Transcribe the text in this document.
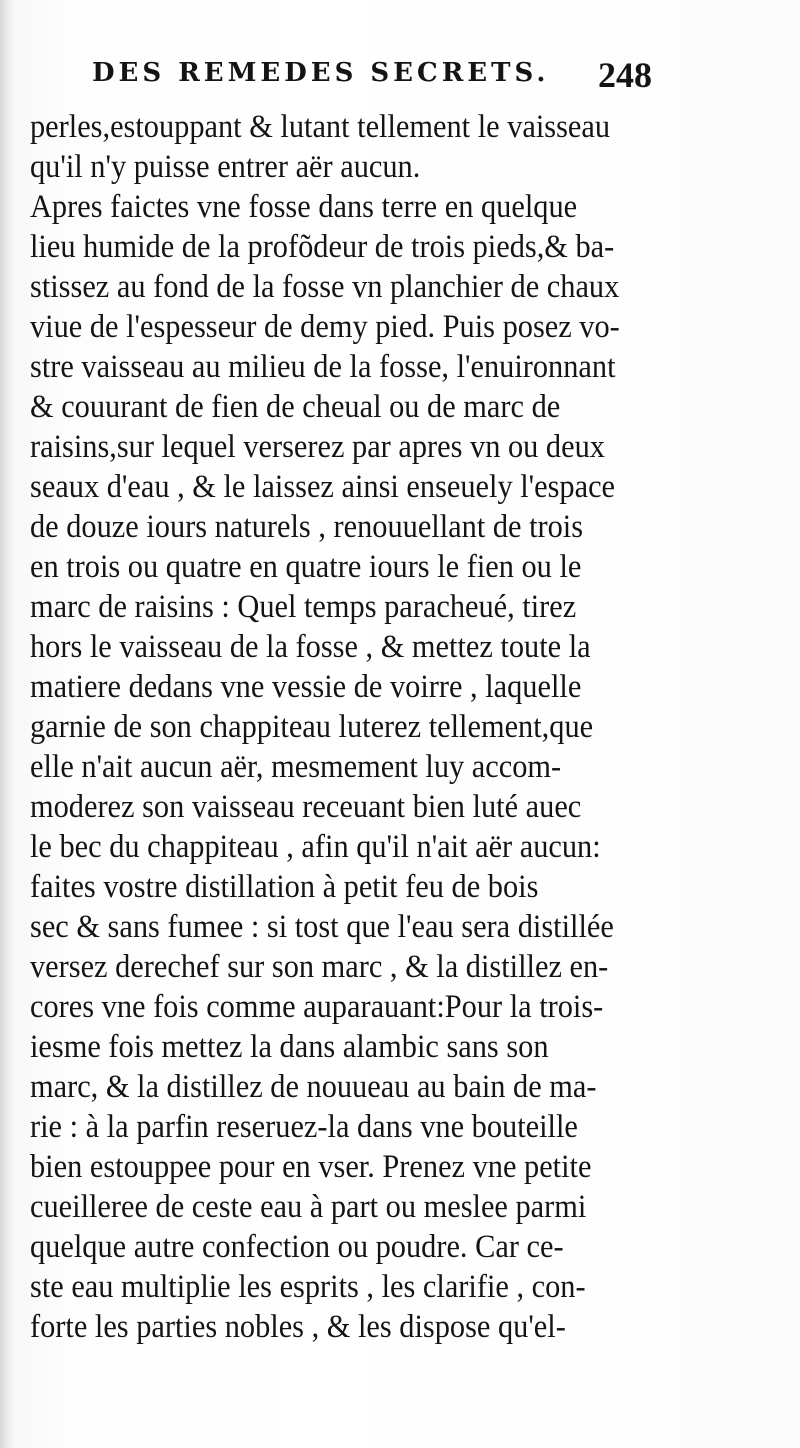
DES REMEDES SECRETS.	248
perles,estouppant & lutant tellement le vaisseau
qu'il n'y puisse entrer aër aucun.
Apres faictes vne fosse dans terre en quelque
lieu humide de la profõdeur de trois pieds,& ba-
stissez au fond de la fosse vn planchier de chaux
viue de l'espesseur de demy pied. Puis posez vo-
stre vaisseau au milieu de la fosse, l'enuironnant
& couurant de fien de cheual ou de marc de
raisins,sur lequel verserez par apres vn ou deux
seaux d'eau , & le laissez ainsi enseuely l'espace
de douze iours naturels , renouuellant de trois
en trois ou quatre en quatre iours le fien ou le
marc de raisins : Quel temps paracheué, tirez
hors le vaisseau de la fosse , & mettez toute la
matiere dedans vne vessie de voirre , laquelle
garnie de son chappiteau luterez tellement,que
elle n'ait aucun aër, mesmement luy accom-
moderez son vaisseau receuant bien luté auec
le bec du chappiteau , afin qu'il n'ait aër aucun:
faites vostre distillation à petit feu de bois
sec & sans fumee : si tost que l'eau sera distillée
versez derechef sur son marc , & la distillez en-
cores vne fois comme auparauant:Pour la trois-
iesme fois mettez la dans alambic sans son
marc, & la distillez de nouueau au bain de ma-
rie : à la parfin reseruez-la dans vne bouteille
bien estouppee pour en vser. Prenez vne petite
cueilleree de ceste eau à part ou meslee parmi
quelque autre confection ou poudre. Car ce-
ste eau multiplie les esprits , les clarifie , con-
forte les parties nobles , & les dispose qu'el-
